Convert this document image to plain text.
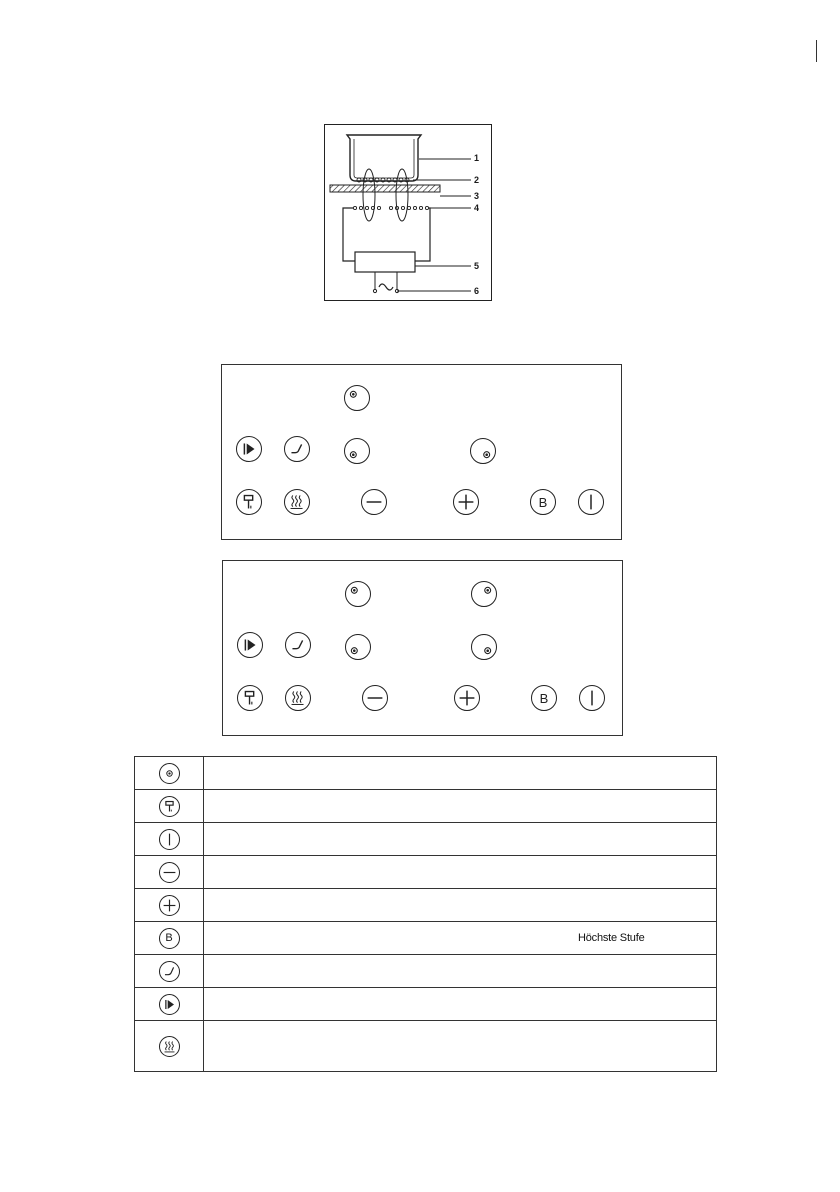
1
2
3
4
5
6
B
B

B	Höchste Stufe
